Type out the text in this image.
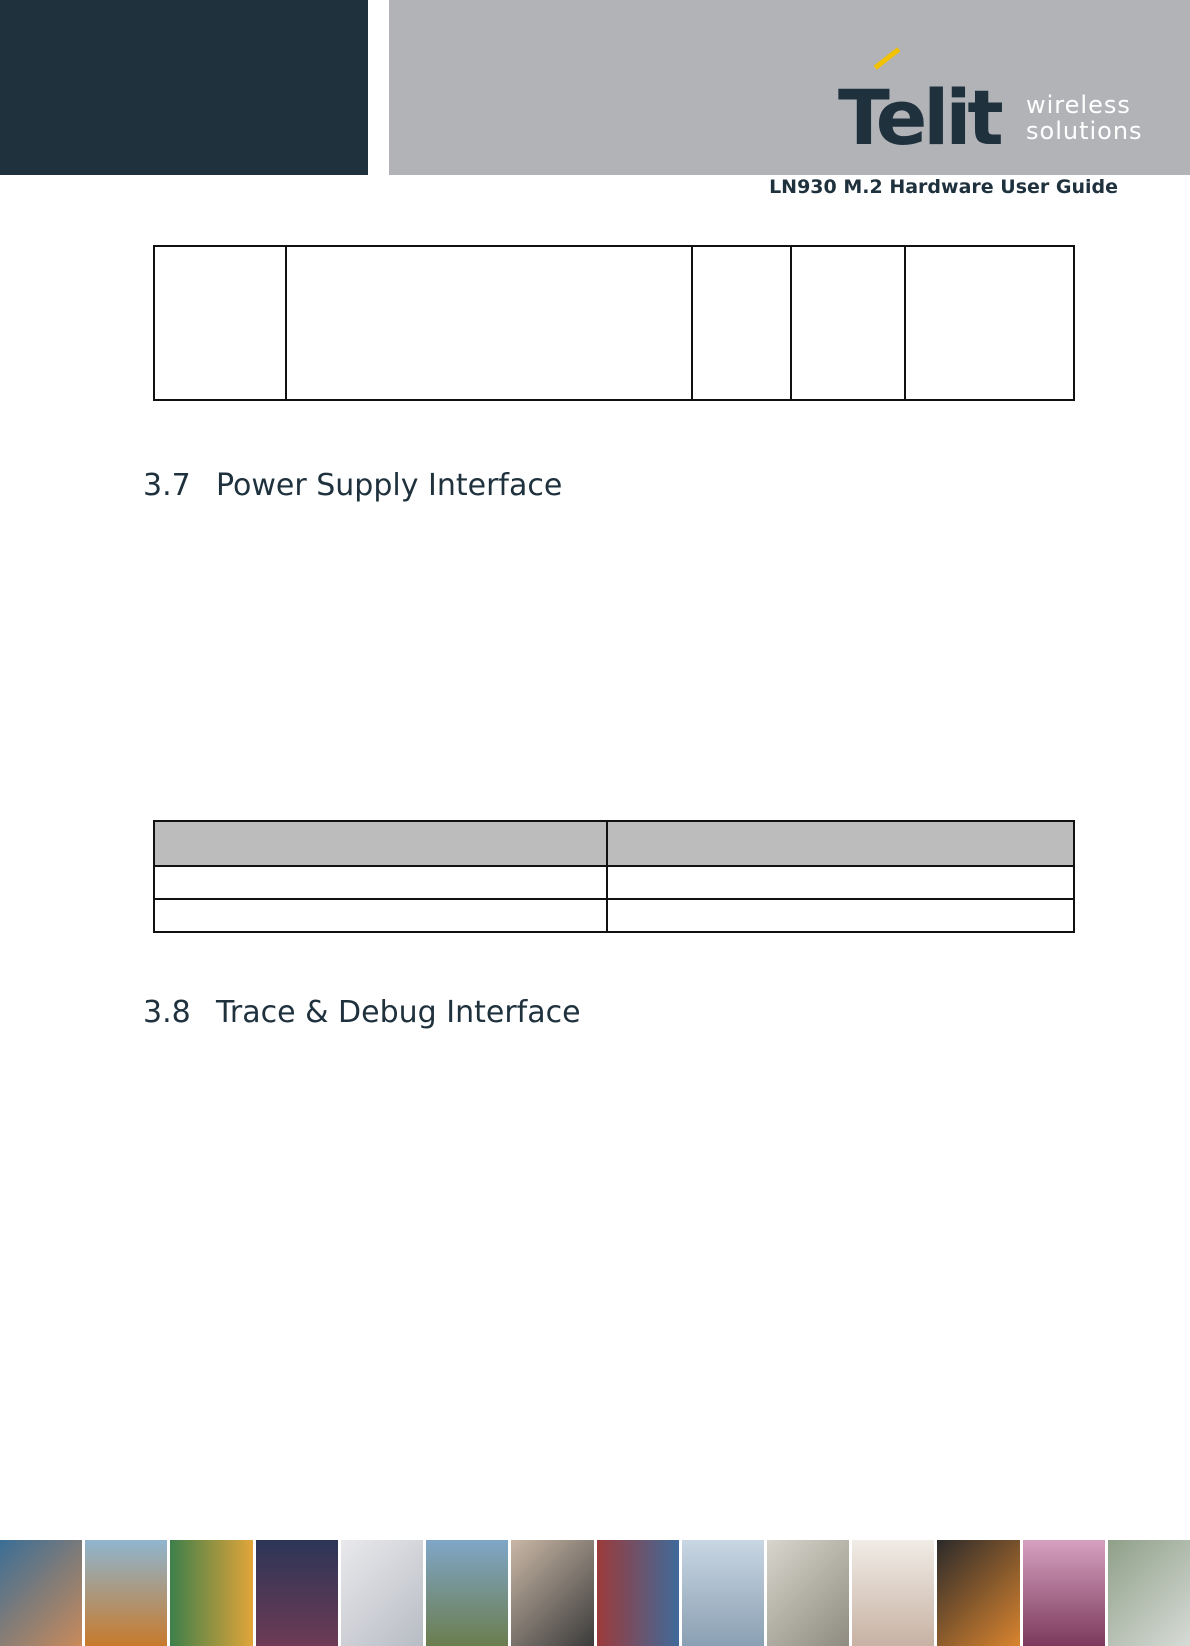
Telit wireless
solutions
LN930 M.2 Hardware User Guide

3.7 Power Supply Interface

3.8 Trace & Debug Interface
